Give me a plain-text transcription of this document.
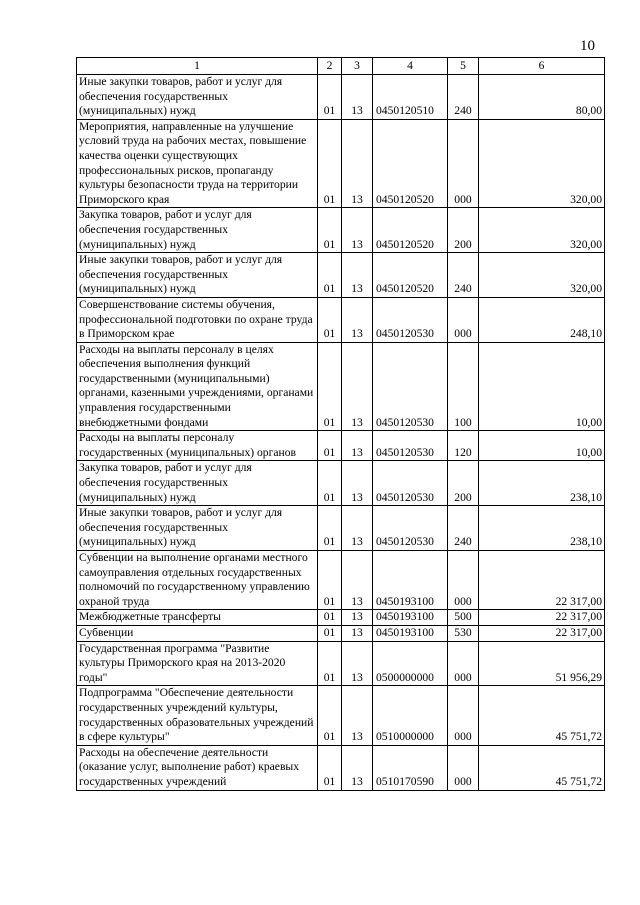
10
1	2	3	4	5	6
Иные закупки товаров, работ и услуг для обеспечения государственных (муниципальных) нужд	01	13	0450120510	240	80,00
Мероприятия, направленные на улучшение условий труда на рабочих местах, повышение качества оценки существующих профессиональных рисков, пропаганду культуры безопасности труда на территории Приморского края	01	13	0450120520	000	320,00
Закупка товаров, работ и услуг для обеспечения государственных (муниципальных) нужд	01	13	0450120520	200	320,00
Иные закупки товаров, работ и услуг для обеспечения государственных (муниципальных) нужд	01	13	0450120520	240	320,00
Совершенствование системы обучения, профессиональной подготовки по охране труда в Приморском крае	01	13	0450120530	000	248,10
Расходы на выплаты персоналу в целях обеспечения выполнения функций государственными (муниципальными) органами, казенными учреждениями, органами управления государственными внебюджетными фондами	01	13	0450120530	100	10,00
Расходы на выплаты персоналу государственных (муниципальных) органов	01	13	0450120530	120	10,00
Закупка товаров, работ и услуг для обеспечения государственных (муниципальных) нужд	01	13	0450120530	200	238,10
Иные закупки товаров, работ и услуг для обеспечения государственных (муниципальных) нужд	01	13	0450120530	240	238,10
Субвенции на выполнение органами местного самоуправления отдельных государственных полномочий по государственному управлению охраной труда	01	13	0450193100	000	22 317,00
Межбюджетные трансферты	01	13	0450193100	500	22 317,00
Субвенции	01	13	0450193100	530	22 317,00
Государственная программа "Развитие культуры Приморского края на 2013-2020 годы"	01	13	0500000000	000	51 956,29
Подпрограмма "Обеспечение деятельности государственных учреждений культуры, государственных образовательных учреждений в сфере культуры"	01	13	0510000000	000	45 751,72
Расходы на обеспечение деятельности (оказание услуг, выполнение работ) краевых государственных учреждений	01	13	0510170590	000	45 751,72
